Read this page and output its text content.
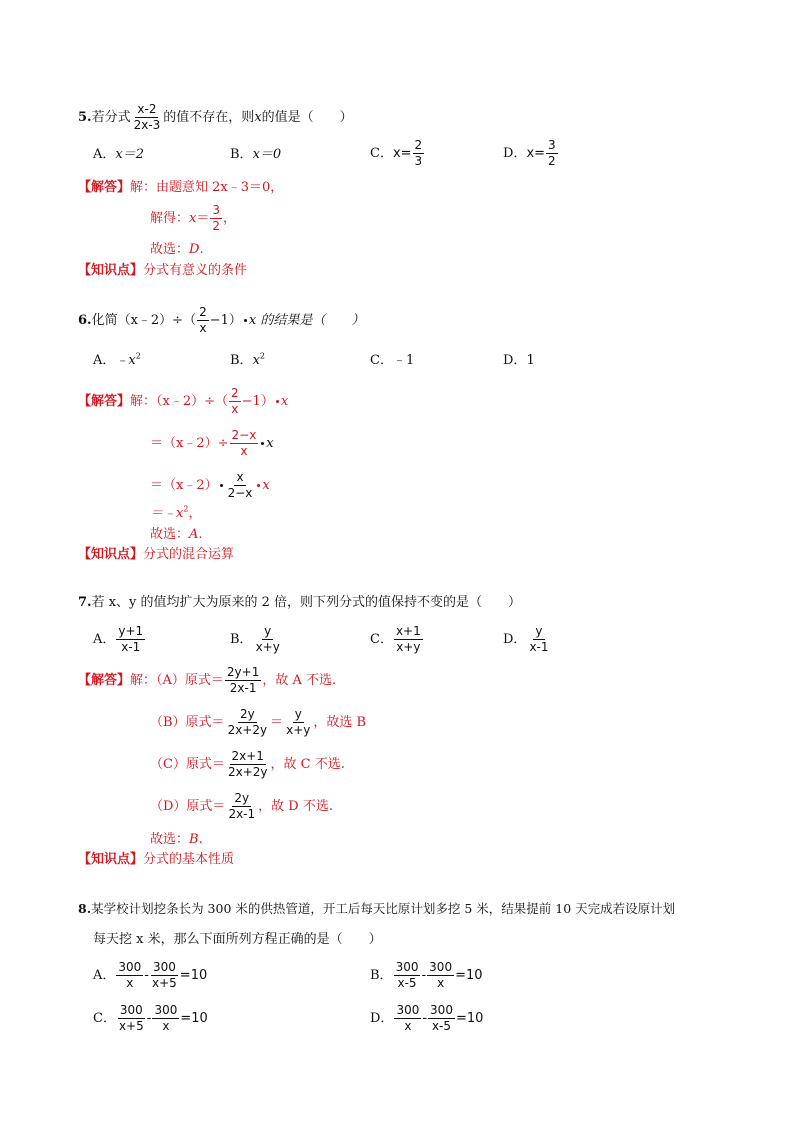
5.若分式 $\frac{x-2}{2x-3}$ 的值不存在，则x的值是（　　）
A．x＝2	B．x＝0	C．$x= \frac{2}{3}$	D．$x= \frac{3}{2}$
【解答】解：由题意知 2x﹣3＝0，
解得：$x= \frac{3}{2}$ ，
故选：D.
【知识点】分式有意义的条件
6.化简（x﹣2）÷（ $\frac{2}{x} -1$） x 的结果是（　　）
A．$﹣x^2$	B．$x^2$	C．﹣1	D．1
【解答】解：（x﹣2）÷（ $\frac{2}{x} -1$） x
＝（x﹣2）÷ $\frac{2-x}{x}$ x
＝（x﹣2） $\frac{x}{2-x}$ x
$=﹣x^2$，
故选：A.
【知识点】分式的混合运算
7.若 x、y 的值均扩大为原来的 2 倍，则下列分式的值保持不变的是（　　）
A． $\frac{y+1}{x-1}$	B． $\frac{y}{x+y}$	C． $\frac{x+1}{x+y}$	D． $\frac{y}{x-1}$
【解答】解：（A）原式＝ $\frac{2y+1}{2x-1}$ ，故 A 不选.
（B）原式＝ $\frac{2y}{2x+2y} = \frac{y}{x+y}$ ，故选 B
（C）原式＝ $\frac{2x+1}{2x+2y}$ ，故 C 不选.
（D）原式＝ $\frac{2y}{2x-1}$ ，故 D 不选.
故选：B.
【知识点】分式的基本性质
8.某学校计划挖条长为 300 米的供热管道，开工后每天比原计划多挖 5 米，结果提前 10 天完成若设原计划
每天挖 x 米，那么下面所列方程正确的是（　　）
A． $\frac{300}{x} - \frac{300}{x+5} =10$	B． $\frac{300}{x-5} - \frac{300}{x} =10$
C． $\frac{300}{x+5} - \frac{300}{x} =10$	D． $\frac{300}{x} - \frac{300}{x-5} =10$
